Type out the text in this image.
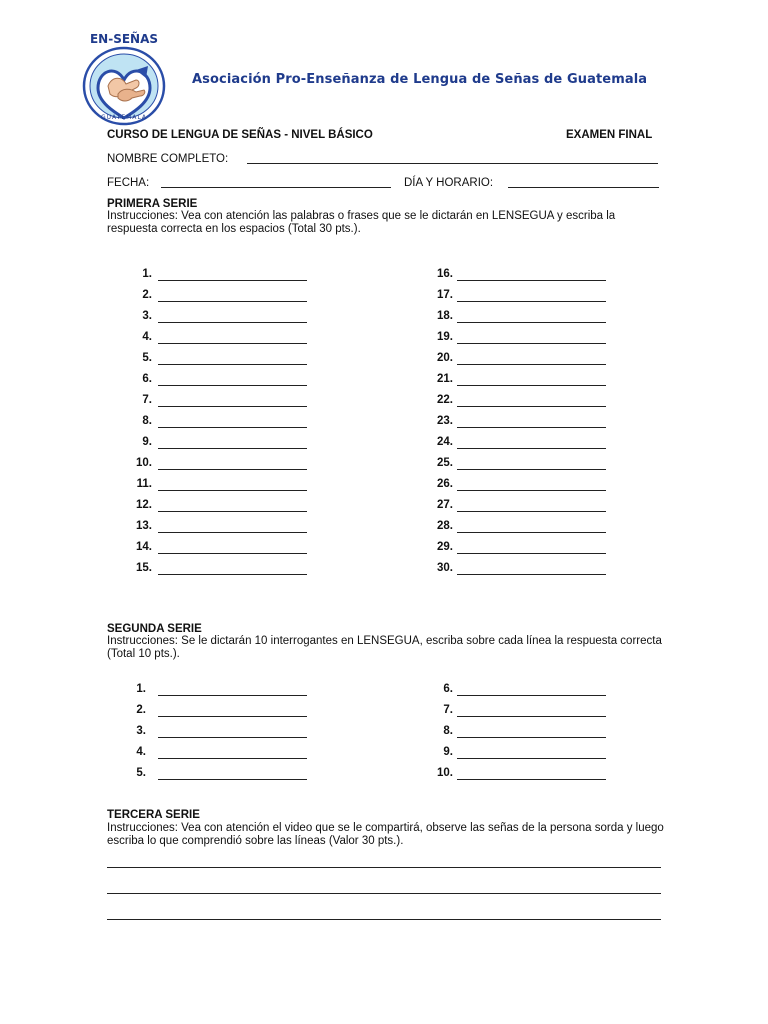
EN-SEÑAS
GUATEMALA
Asociación Pro-Enseñanza de Lengua de Señas de Guatemala
CURSO DE LENGUA DE SEÑAS - NIVEL BÁSICO	EXAMEN FINAL
NOMBRE COMPLETO:
FECHA:	DÍA Y HORARIO:
PRIMERA SERIE
Instrucciones: Vea con atención las palabras o frases que se le dictarán en LENSEGUA y escriba la respuesta correcta en los espacios (Total 30 pts.).
1.
2.
3.
4.
5.
6.
7.
8.
9.
10.
11.
12.
13.
14.
15.
16.
17.
18.
19.
20.
21.
22.
23.
24.
25.
26.
27.
28.
29.
30.
SEGUNDA SERIE
Instrucciones: Se le dictarán 10 interrogantes en LENSEGUA, escriba sobre cada línea la respuesta correcta (Total 10 pts.).
1.
2.
3.
4.
5.
6.
7.
8.
9.
10.
TERCERA SERIE
Instrucciones: Vea con atención el video que se le compartirá, observe las señas de la persona sorda y luego escriba lo que comprendió sobre las líneas (Valor 30 pts.).
